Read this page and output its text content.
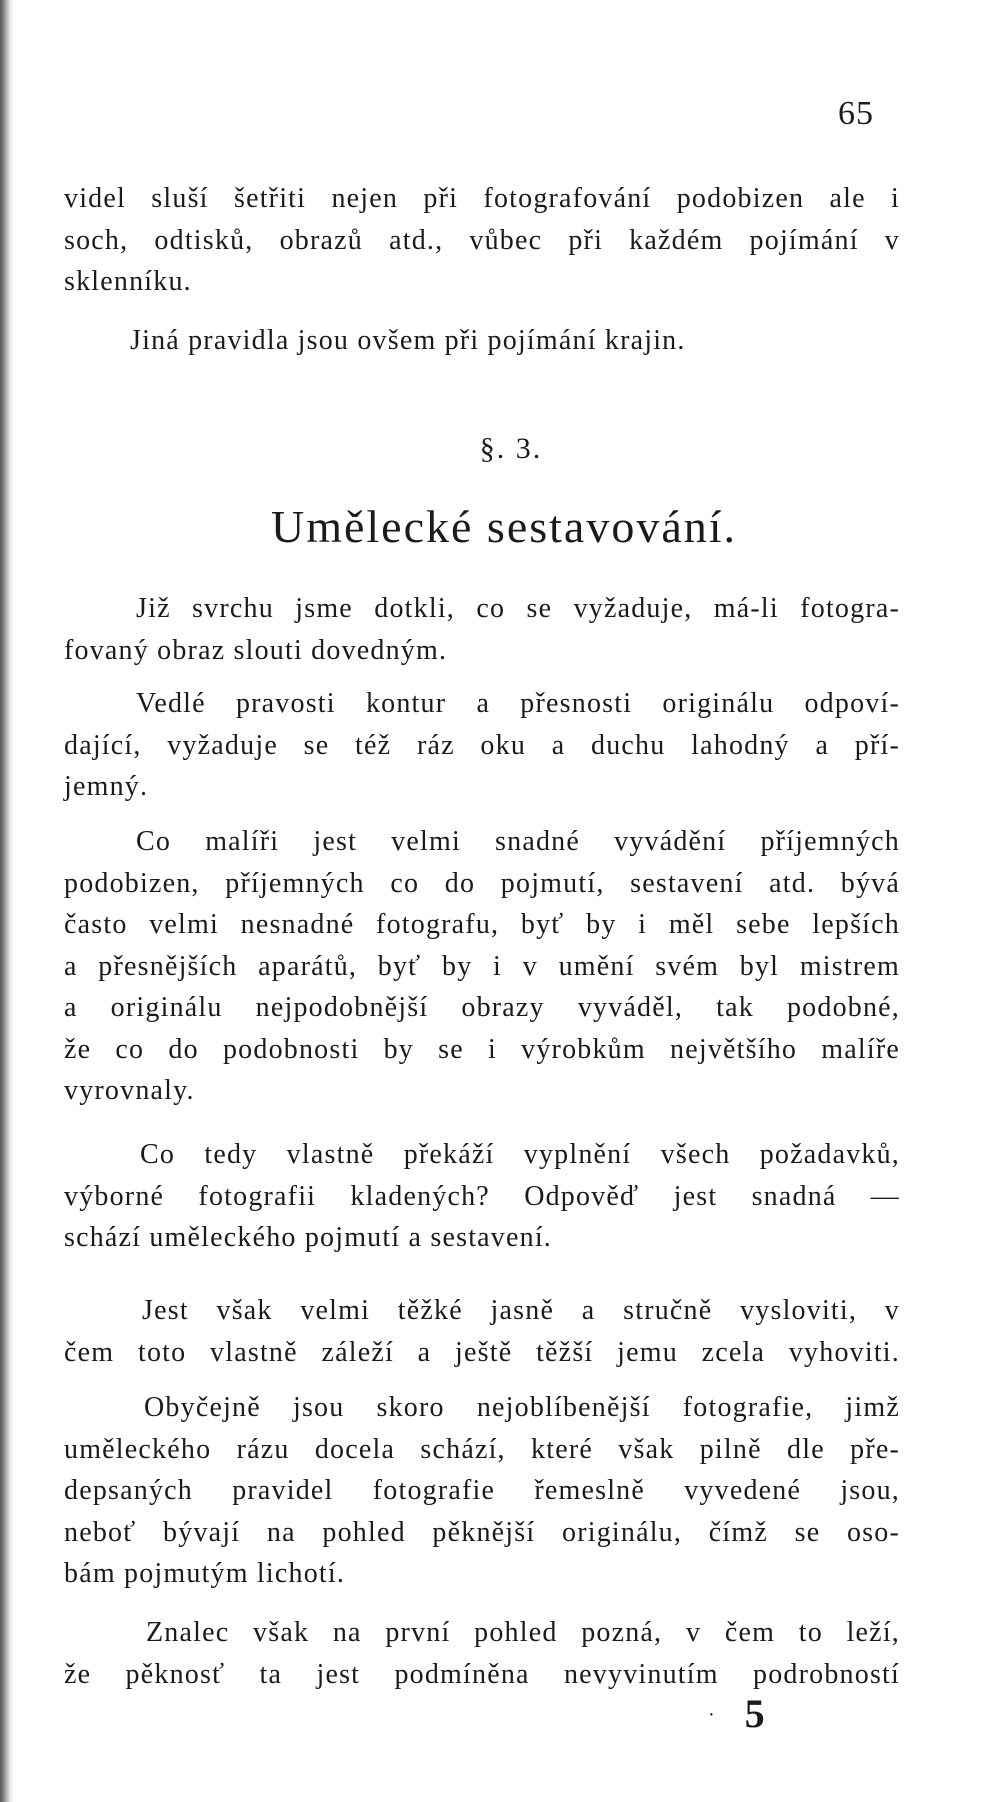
65
videl sluší šetřiti nejen při fotografování podobizen ale i
soch, odtisků, obrazů atd., vůbec při každém pojímání v
sklenníku.
Jiná pravidla jsou ovšem při pojímání krajin.
§. 3.
Umělecké sestavování.
Již svrchu jsme dotkli, co se vyžaduje, má-li fotogra-
fovaný obraz slouti dovedným.
Vedlé pravosti kontur a přesnosti originálu odpoví-
dající, vyžaduje se též ráz oku a duchu lahodný a pří-
jemný.
Co malíři jest velmi snadné vyvádění příjemných
podobizen, příjemných co do pojmutí, sestavení atd. bývá
často velmi nesnadné fotografu, byť by i měl sebe lepších
a přesnějších aparátů, byť by i v umění svém byl mistrem
a originálu nejpodobnější obrazy vyváděl, tak podobné,
že co do podobnosti by se i výrobkům největšího malíře
vyrovnaly.
Co tedy vlastně překáží vyplnění všech požadavků,
výborné fotografii kladených? Odpověď jest snadná —
schází uměleckého pojmutí a sestavení.
Jest však velmi těžké jasně a stručně vysloviti, v
čem toto vlastně záleží a ještě těžší jemu zcela vyhoviti.
Obyčejně jsou skoro nejoblíbenější fotografie, jimž
uměleckého rázu docela schází, které však pilně dle pře-
depsaných pravidel fotografie řemeslně vyvedené jsou,
neboť bývají na pohled pěknější originálu, čímž se oso-
bám pojmutým lichotí.
Znalec však na první pohled pozná, v čem to leží,
že pěknosť ta jest podmíněna nevyvinutím podrobností
· 5
